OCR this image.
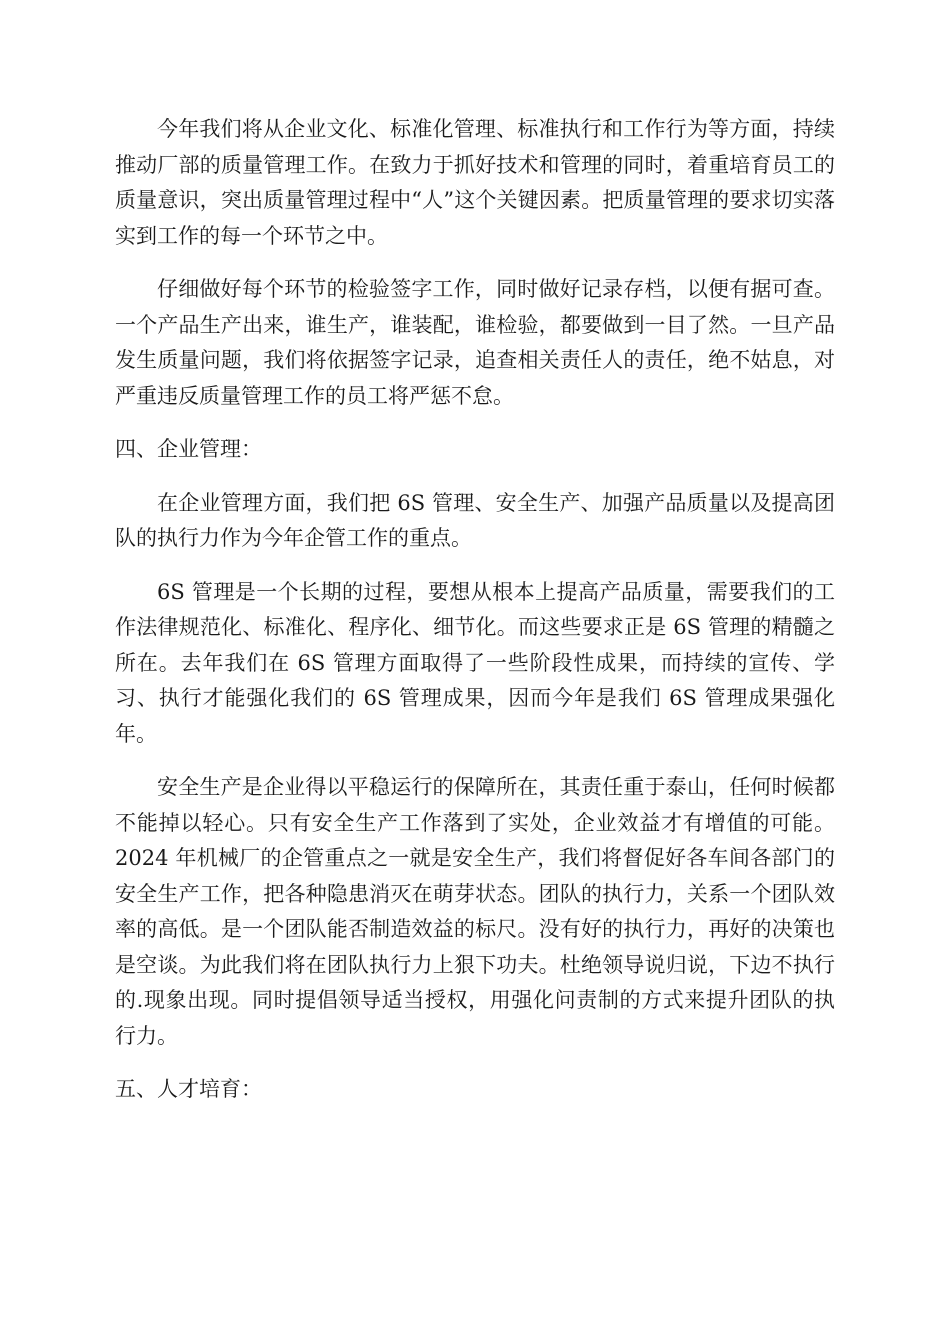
今年我们将从企业文化、标准化管理、标准执行和工作行为等方面，持续推动厂部的质量管理工作。在致力于抓好技术和管理的同时，着重培育员工的质量意识，突出质量管理过程中“人”这个关键因素。把质量管理的要求切实落实到工作的每一个环节之中。

仔细做好每个环节的检验签字工作，同时做好记录存档，以便有据可查。一个产品生产出来，谁生产，谁装配，谁检验，都要做到一目了然。一旦产品发生质量问题，我们将依据签字记录，追查相关责任人的责任，绝不姑息，对严重违反质量管理工作的员工将严惩不怠。

四、企业管理：

在企业管理方面，我们把 6S 管理、安全生产、加强产品质量以及提高团队的执行力作为今年企管工作的重点。

6S 管理是一个长期的过程，要想从根本上提高产品质量，需要我们的工作法律规范化、标准化、程序化、细节化。而这些要求正是 6S 管理的精髓之所在。去年我们在 6S 管理方面取得了一些阶段性成果，而持续的宣传、学习、执行才能强化我们的 6S 管理成果，因而今年是我们 6S 管理成果强化年。

安全生产是企业得以平稳运行的保障所在，其责任重于泰山，任何时候都不能掉以轻心。只有安全生产工作落到了实处，企业效益才有增值的可能。2024 年机械厂的企管重点之一就是安全生产，我们将督促好各车间各部门的安全生产工作，把各种隐患消灭在萌芽状态。团队的执行力，关系一个团队效率的高低。是一个团队能否制造效益的标尺。没有好的执行力，再好的决策也是空谈。为此我们将在团队执行力上狠下功夫。杜绝领导说归说，下边不执行的.现象出现。同时提倡领导适当授权，用强化问责制的方式来提升团队的执行力。

五、人才培育：
